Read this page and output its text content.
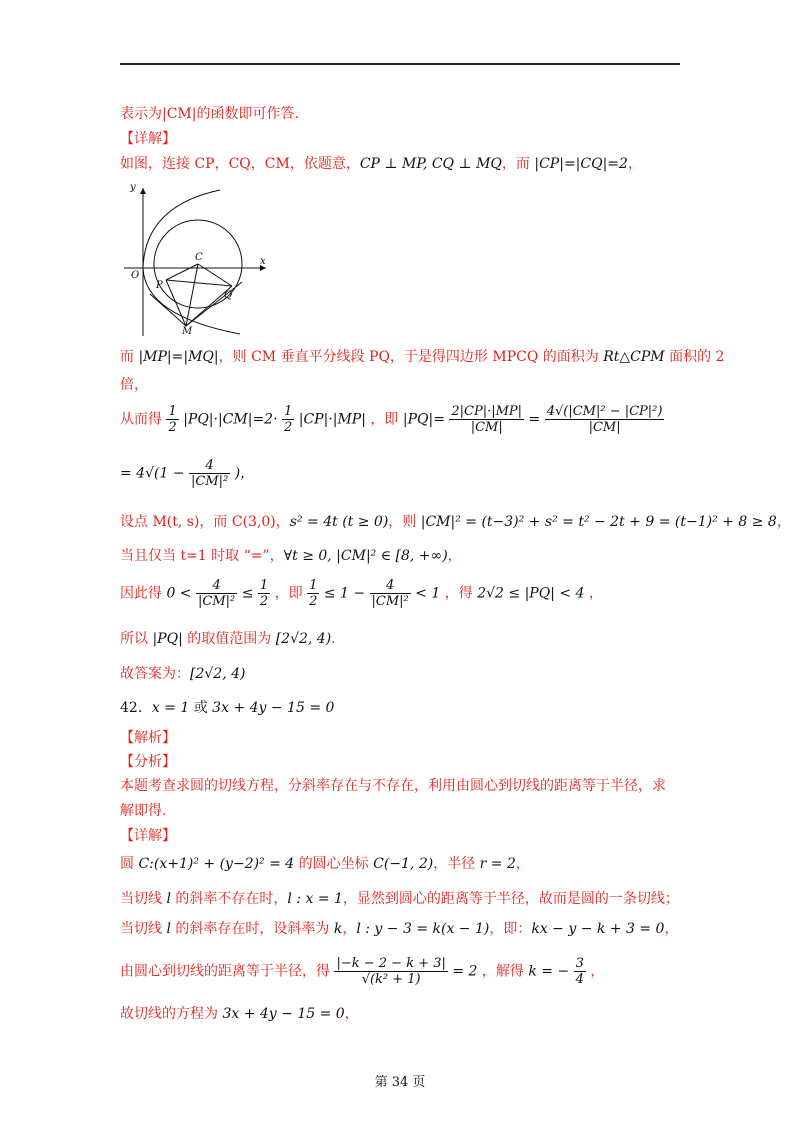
表示为|CM|的函数即可作答.
【详解】
如图，连接 CP，CQ，CM，依题意，CP ⊥ MP, CQ ⊥ MQ，而 |CP|=|CQ|=2，
y
x
O
C
P
Q
M
而 |MP|=|MQ|，则 CM 垂直平分线段 PQ，于是得四边形 MPCQ 的面积为 Rt△CPM 面积的 2
倍，
从而得 $\frac{1}{2} |PQ|\cdot|CM|=2\cdot \frac{1}{2} |CP|\cdot|MP|$ ，即 $|PQ|= \frac{2|CP|\cdot|MP|}{|CM|} = \frac{\text{4√(|CM|² − |CP|²)}}{|CM|}$
= $4√(1 - \frac{4}{\text{|CM|²}}$ )，
设点 M(t, s)，而 C(3,0)，s² = 4t (t ≥ 0)，则 |CM|² = (t−3)² + s² = t² − 2t + 9 = (t−1)² + 8 ≥ 8，
当且仅当 t=1 时取 “=”，∀t ≥ 0, |CM|² ∈ [8, +∞)，
因此得 $0 < \frac{4}{\text{|CM|²}} \le \frac{1}{2}$ ，即 $\frac{1}{2} \le 1 - \frac{4}{\text{|CM|²}} < 1$ ，得 2√2 ≤ |PQ| < 4 ，
所以 |PQ| 的取值范围为 [2√2, 4).
故答案为：[2√2, 4)
42．x = 1 或 3x + 4y − 15 = 0
【解析】
【分析】
本题考查求圆的切线方程，分斜率存在与不存在，利用由圆心到切线的距离等于半径，求
解即得.
【详解】
圆 C:(x+1)² + (y−2)² = 4 的圆心坐标 C(−1, 2)，半径 r = 2，
当切线 l 的斜率不存在时，l : x = 1，显然到圆心的距离等于半径，故而是圆的一条切线；
当切线 l 的斜率存在时，设斜率为 k，l : y − 3 = k(x − 1)，即：kx − y − k + 3 = 0，
由圆心到切线的距离等于半径，得 $\frac{|-k - 2 - k + 3|}{\text{√(k² + 1)}} = 2$ ，解得 k = − $\frac{3}{4}$ ，
故切线的方程为 3x + 4y − 15 = 0，
第 34 页
